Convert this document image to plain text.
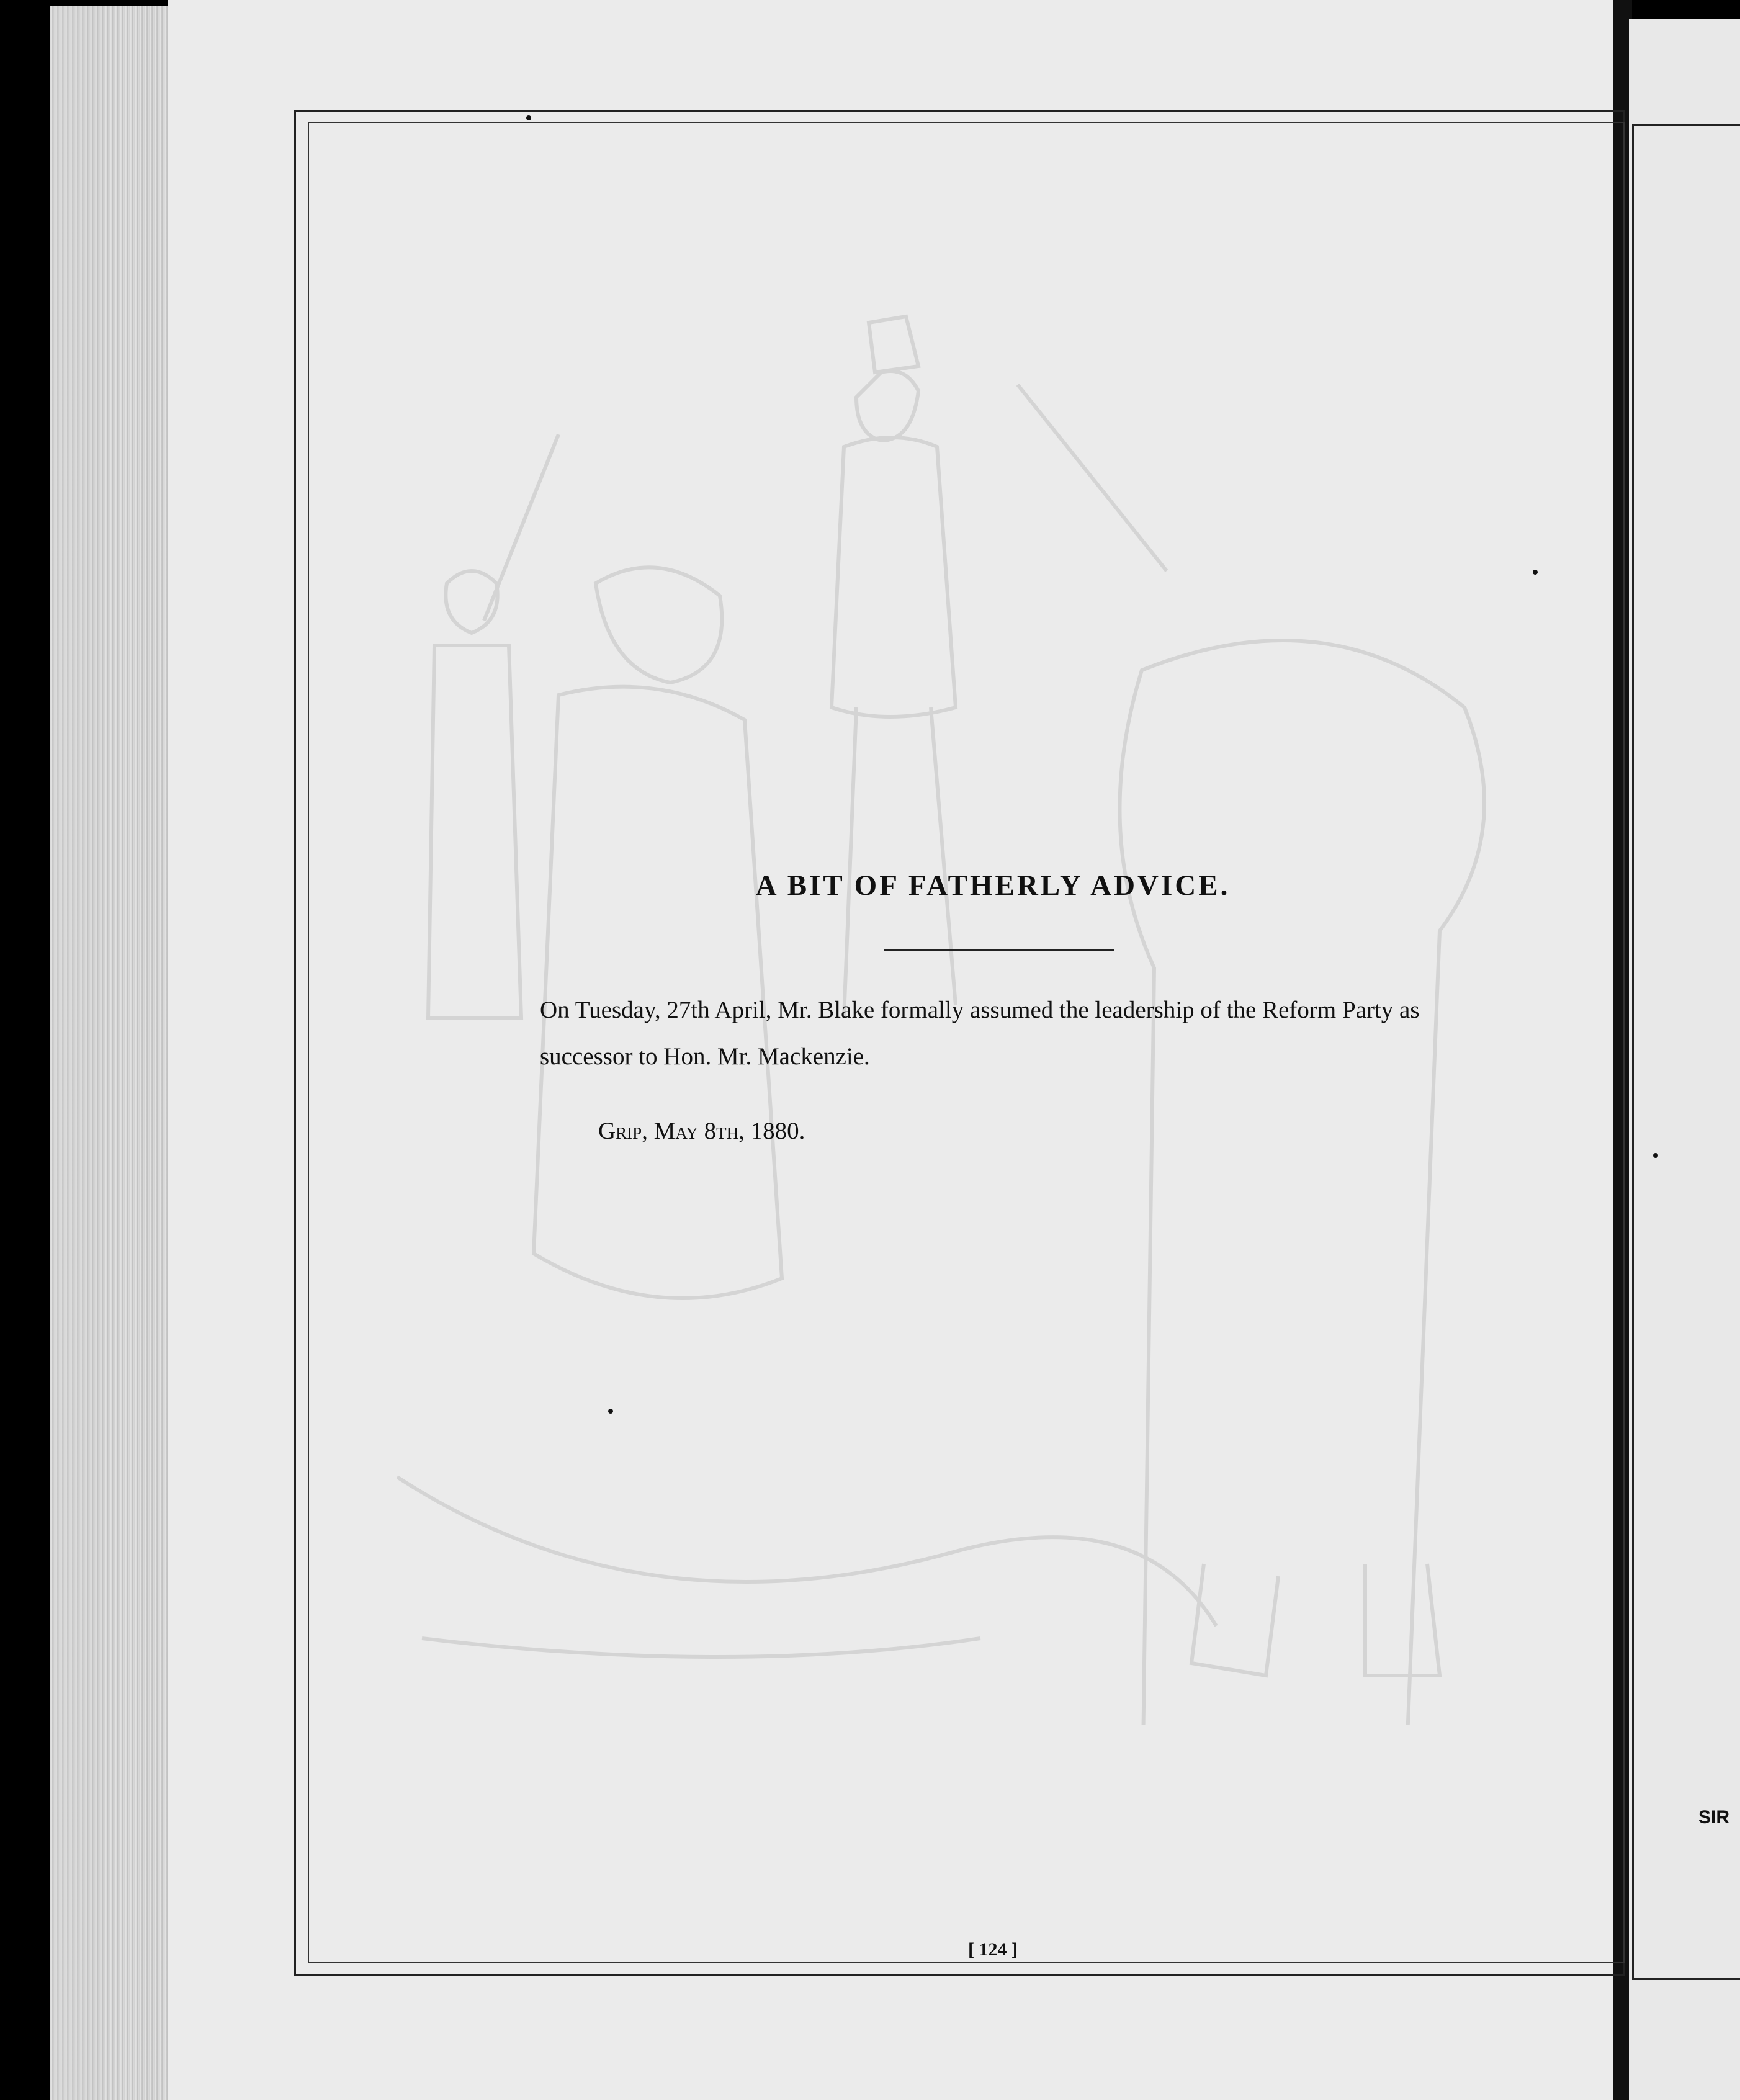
A BIT OF FATHERLY ADVICE.

On Tuesday, 27th April, Mr. Blake formally assumed the leadership of the Reform Party as successor to Hon. Mr. Mackenzie.

Grip, May 8th, 1880.

[ 124 ]

SIR
